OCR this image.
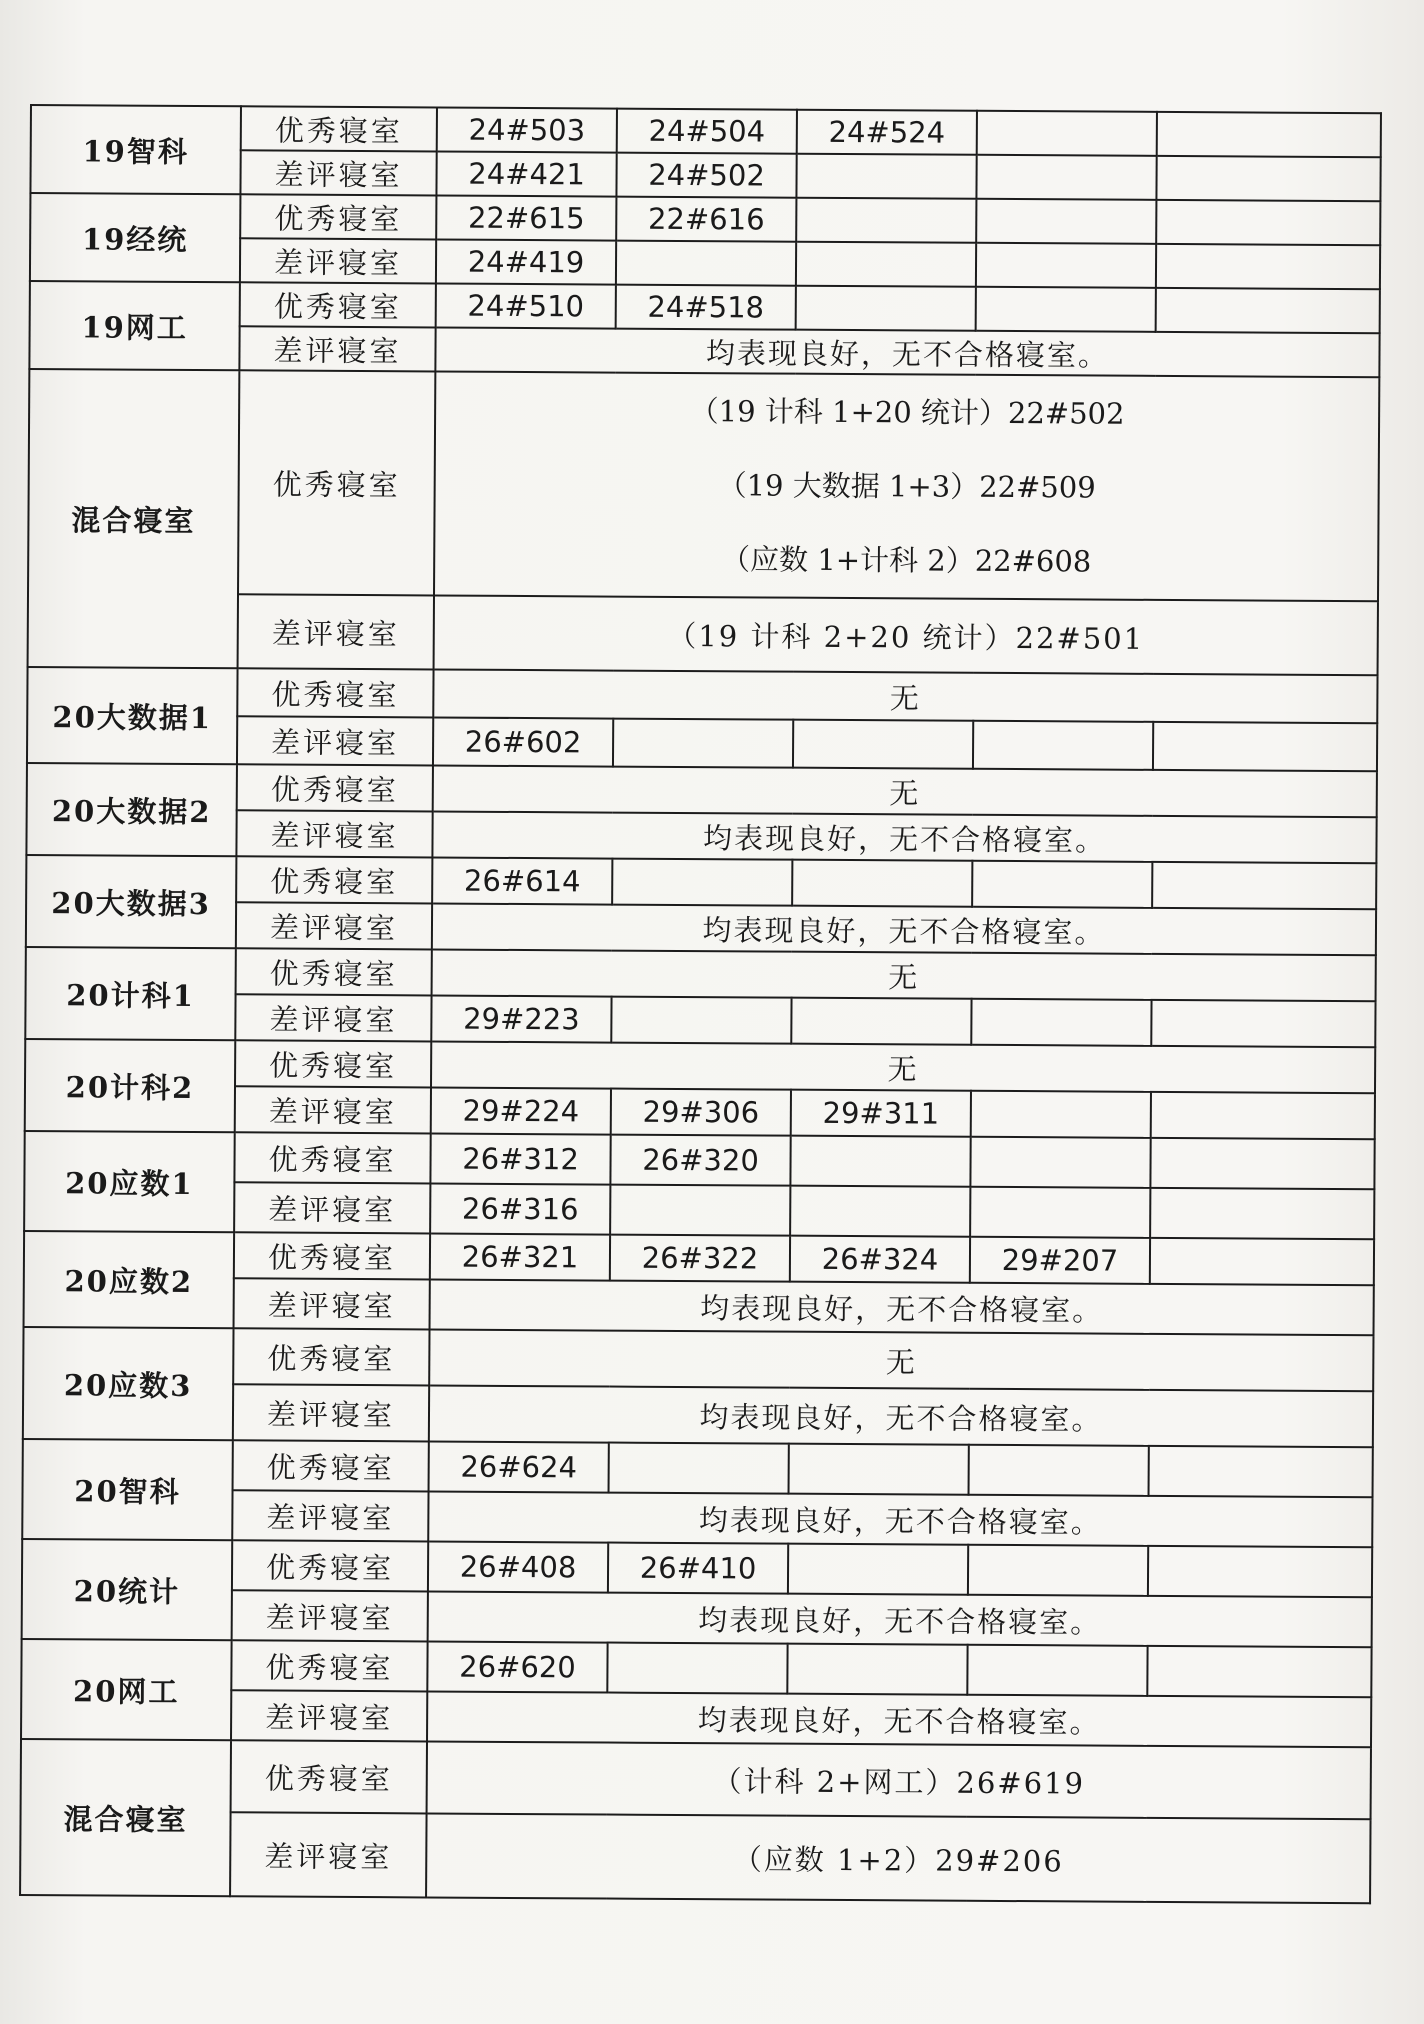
19智科	优秀寝室	24#503	24#504	24#524		
	差评寝室	24#421	24#502			
19经统	优秀寝室	22#615	22#616			
	差评寝室	24#419				
19网工	优秀寝室	24#510	24#518			
	差评寝室	均表现良好，无不合格寝室。				
混合寝室	优秀寝室	（19 计科 1+20 统计）22#502
（19 大数据 1+3）22#509
（应数 1+计科 2）22#608				

	差评寝室	（19 计科 2+20 统计）22#501				
20大数据1	优秀寝室	无				
	差评寝室	26#602				
20大数据2	优秀寝室	无				
	差评寝室	均表现良好，无不合格寝室。				
20大数据3	优秀寝室	26#614				
	差评寝室	均表现良好，无不合格寝室。				
20计科1	优秀寝室	无				
	差评寝室	29#223				
20计科2	优秀寝室	无				
	差评寝室	29#224	29#306	29#311		
20应数1	优秀寝室	26#312	26#320			
	差评寝室	26#316				
20应数2	优秀寝室	26#321	26#322	26#324	29#207	
	差评寝室	均表现良好，无不合格寝室。				
20应数3	优秀寝室	无				
	差评寝室	均表现良好，无不合格寝室。				
20智科	优秀寝室	26#624				
	差评寝室	均表现良好，无不合格寝室。				
20统计	优秀寝室	26#408	26#410			
	差评寝室	均表现良好，无不合格寝室。				
20网工	优秀寝室	26#620				
	差评寝室	均表现良好，无不合格寝室。				
混合寝室	优秀寝室	（计科 2+网工）26#619				
	差评寝室	（应数 1+2）29#206				
